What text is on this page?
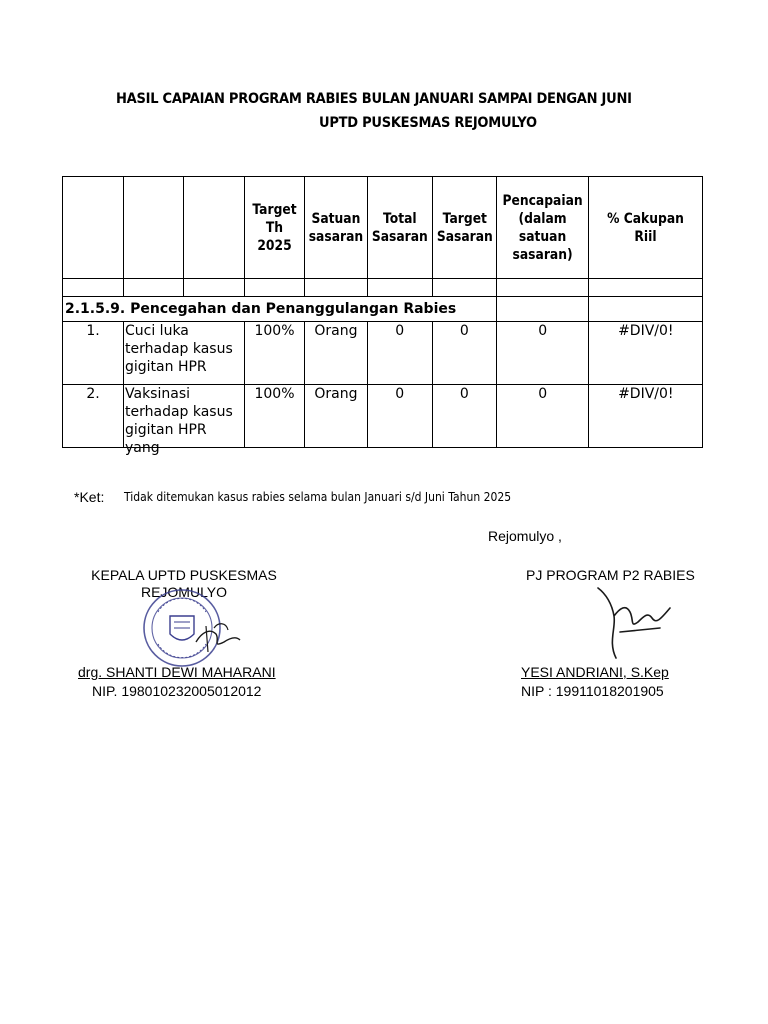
HASIL CAPAIAN PROGRAM RABIES BULAN JANUARI SAMPAI DENGAN JUNI
UPTD PUSKESMAS REJOMULYO
			Target Th 2025	Satuan sasaran	Total Sasaran	Target Sasaran	Pencapaian (dalam satuan sasaran)	% Cakupan Riil

2.1.5.9. Pencegahan dan Penanggulangan Rabies								
1.	Cuci luka terhadap kasus gigitan HPR		100%	Orang	0	0	0	#DIV/0!
2.	Vaksinasi terhadap kasus gigitan HPR yang		100%	Orang	0	0	0	#DIV/0!
*Ket: Tidak ditemukan kasus rabies selama bulan Januari s/d Juni Tahun 2025
Rejomulyo ,
KEPALA UPTD PUSKESMAS REJOMULYO
drg. SHANTI DEWI MAHARANI
NIP. 198010232005012012
PJ PROGRAM P2 RABIES
YESI ANDRIANI, S.Kep
NIP : 19911018201905
